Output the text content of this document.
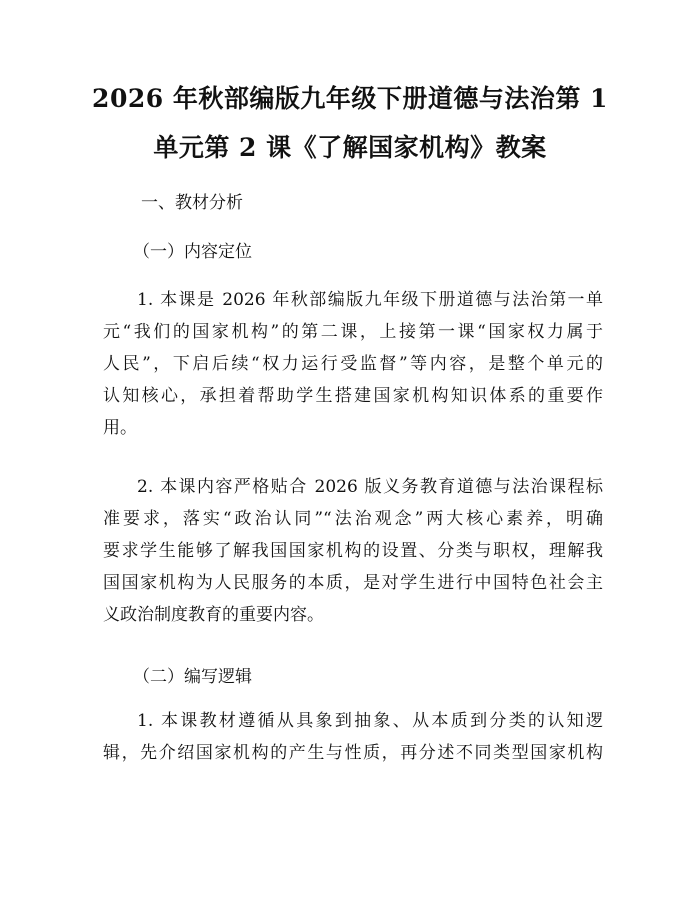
2026 年秋部编版九年级下册道德与法治第 1
单元第 2 课《了解国家机构》教案
一、教材分析
（一）内容定位
1. 本课是 2026 年秋部编版九年级下册道德与法治第一单
元“我们的国家机构”的第二课，上接第一课“国家权力属于
人民”，下启后续“权力运行受监督”等内容，是整个单元的
认知核心，承担着帮助学生搭建国家机构知识体系的重要作
用。
2. 本课内容严格贴合 2026 版义务教育道德与法治课程标
准要求，落实“政治认同”“法治观念”两大核心素养，明确
要求学生能够了解我国国家机构的设置、分类与职权，理解我
国国家机构为人民服务的本质，是对学生进行中国特色社会主
义政治制度教育的重要内容。
（二）编写逻辑
1. 本课教材遵循从具象到抽象、从本质到分类的认知逻
辑，先介绍国家机构的产生与性质，再分述不同类型国家机构
